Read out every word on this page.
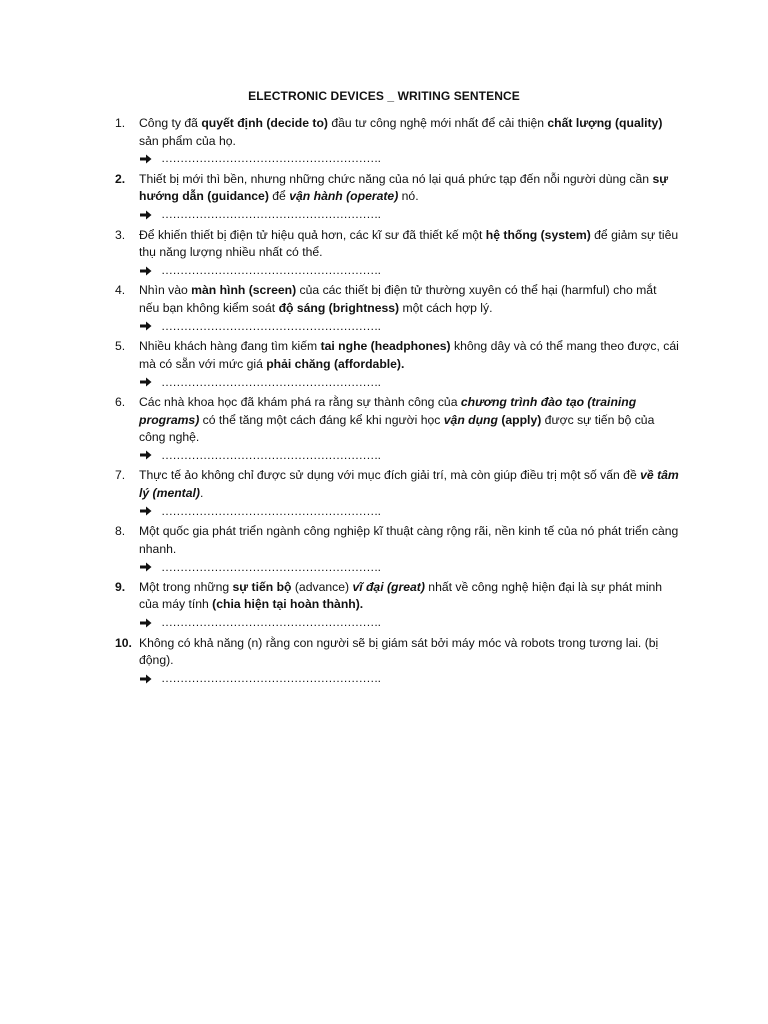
ELECTRONIC DEVICES _ WRITING SENTENCE
1.	Công ty đã quyết định (decide to) đầu tư công nghệ mới nhất để cải thiện chất lượng (quality) sản phẩm của họ.
………………………………………………….
2.	Thiết bị mới thì bền, nhưng những chức năng của nó lại quá phức tạp đến nỗi người dùng cần sự hướng dẫn (guidance) để vận hành (operate) nó.
………………………………………………….
3.	Để khiến thiết bị điện tử hiệu quả hơn, các kĩ sư đã thiết kế một hệ thống (system) để giảm sự tiêu thụ năng lượng nhiều nhất có thể.
………………………………………………….
4.	Nhìn vào màn hình (screen) của các thiết bị điện tử thường xuyên có thể hại (harmful) cho mắt nếu bạn không kiểm soát độ sáng (brightness) một cách hợp lý.
………………………………………………….
5.	Nhiều khách hàng đang tìm kiếm tai nghe (headphones) không dây và có thể mang theo được, cái mà có sẵn với mức giá phải chăng (affordable).
………………………………………………….
6.	Các nhà khoa học đã khám phá ra rằng sự thành công của chương trình đào tạo (training programs) có thể tăng một cách đáng kể khi người học vận dụng (apply) được sự tiến bộ của công nghệ.
………………………………………………….
7.	Thực tế ảo không chỉ được sử dụng với mục đích giải trí, mà còn giúp điều trị một số vấn đề về tâm lý (mental).
………………………………………………….
8.	Một quốc gia phát triển ngành công nghiệp kĩ thuật càng rộng rãi, nền kinh tế của nó phát triển càng nhanh.
………………………………………………….
9.	Một trong những sự tiến bộ (advance) vĩ đại (great) nhất về công nghệ hiện đại là sự phát minh của máy tính (chia hiện tại hoàn thành).
………………………………………………….
10. Không có khả năng (n) rằng con người sẽ bị giám sát bởi máy móc và robots trong tương lai. (bị động).
………………………………………………….
